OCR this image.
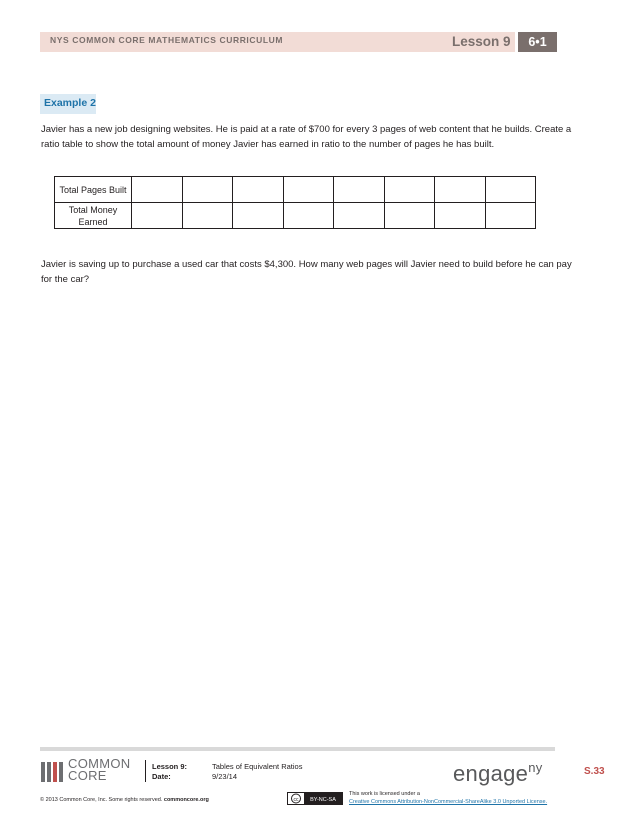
NYS COMMON CORE MATHEMATICS CURRICULUM	Lesson 9	6•1
Example 2
Javier has a new job designing websites. He is paid at a rate of $700 for every 3 pages of web content that he builds. Create a ratio table to show the total amount of money Javier has earned in ratio to the number of pages he has built.
Total Pages Built								
Total Money Earned								
Javier is saving up to purchase a used car that costs $4,300. How many web pages will Javier need to build before he can pay for the car?
COMMON
CORE
Lesson 9:
Date:
Tables of Equivalent Ratios
9/23/14	engage$^{ny}$	S.33
© 2013 Common Core, Inc. Some rights reserved. commoncore.org	cc BY-NC-SA
This work is licensed under a
Creative Commons Attribution-NonCommercial-ShareAlike 3.0 Unported License.
